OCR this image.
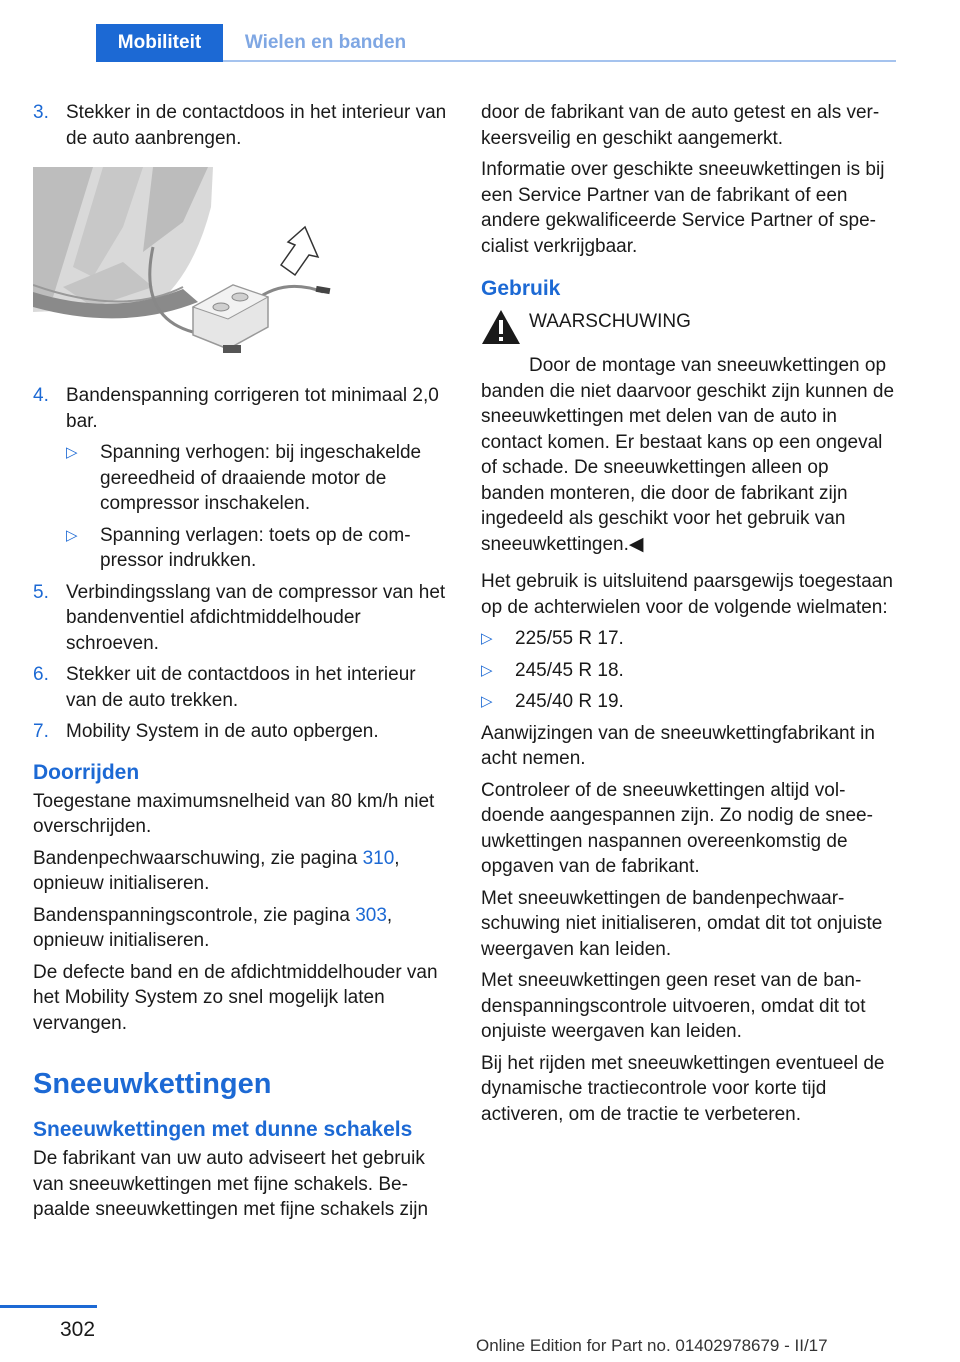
Mobiliteit	Wielen en banden
3. Stekker in de contactdoos in het interieur van de auto aanbrengen.
4. Bandenspanning corrigeren tot minimaal 2,0 bar.
▷	Spanning verhogen: bij ingeschakelde gereedheid of draaiende motor de compressor inschakelen.
▷	Spanning verlagen: toets op de compressor indrukken.
5. Verbindingsslang van de compressor van het bandenventiel afdichtmiddelhouder schroeven.
6. Stekker uit de contactdoos in het interieur van de auto trekken.
7. Mobility System in de auto opbergen.
Doorrijden

Toegestane maximumsnelheid van 80 km/h niet overschrijden.

Bandenpechwaarschuwing, zie pagina 310, opnieuw initialiseren.

Bandenspanningscontrole, zie pagina 303, opnieuw initialiseren.

De defecte band en de afdichtmiddelhouder van het Mobility System zo snel mogelijk laten vervangen.

Sneeuwkettingen
Sneeuwkettingen met dunne schakels

De fabrikant van uw auto adviseert het gebruik van sneeuwkettingen met fijne schakels. Bepaalde sneeuwkettingen met fijne schakels zijn

door de fabrikant van de auto getest en als verkeersveilig en geschikt aangemerkt.

Informatie over geschikte sneeuwkettingen is bij een Service Partner van de fabrikant of een andere gekwalificeerde Service Partner of specialist verkrijgbaar.

Gebruik
WAARSCHUWING

Door de montage van sneeuwkettingen op banden die niet daarvoor geschikt zijn kunnen de sneeuwkettingen met delen van de auto in contact komen. Er bestaat kans op een ongeval of schade. De sneeuwkettingen alleen op banden monteren, die door de fabrikant zijn ingedeeld als geschikt voor het gebruik van sneeuwkettingen.◀

Het gebruik is uitsluitend paarsgewijs toegestaan op de achterwielen voor de volgende wielmaten:

▷	225/55 R 17.
▷	245/45 R 18.
▷	245/40 R 19.

Aanwijzingen van de sneeuwkettingfabrikant in acht nemen.

Controleer of de sneeuwkettingen altijd voldoende aangespannen zijn. Zo nodig de sneeuwkettingen naspannen overeenkomstig de opgaven van de fabrikant.

Met sneeuwkettingen de bandenpechwaarschuwing niet initialiseren, omdat dit tot onjuiste weergaven kan leiden.

Met sneeuwkettingen geen reset van de bandenspanningscontrole uitvoeren, omdat dit tot onjuiste weergaven kan leiden.

Bij het rijden met sneeuwkettingen eventueel de dynamische tractiecontrole voor korte tijd activeren, om de tractie te verbeteren.

302
Online Edition for Part no. 01402978679 - II/17
